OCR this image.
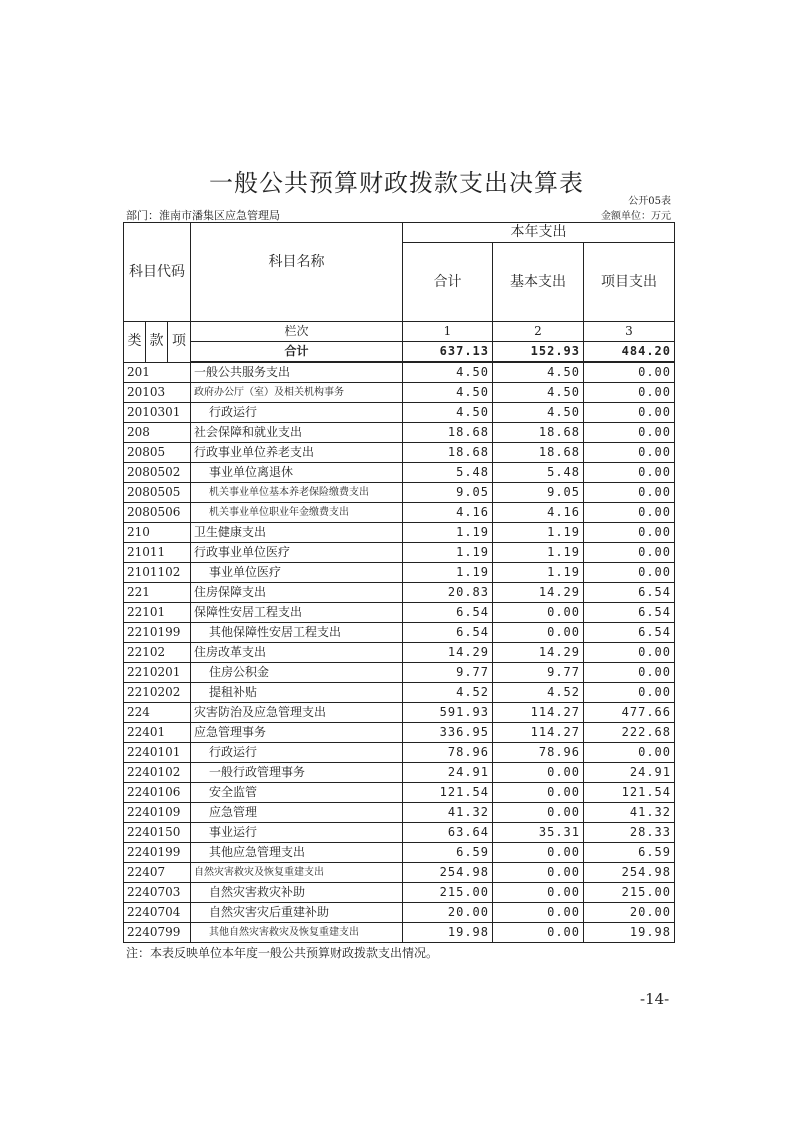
一般公共预算财政拨款支出决算表
公开05表
部门：淮南市潘集区应急管理局	金额单位：万元
科目代码			科目名称	本年支出		
				合计	基本支出	项目支出
类	款	项	栏次	1	2	3
			合计	637.13	152.93	484.20
201			一般公共服务支出	4.50	4.50	0.00
20103			政府办公厅（室）及相关机构事务	4.50	4.50	0.00
2010301			行政运行	4.50	4.50	0.00
208			社会保障和就业支出	18.68	18.68	0.00
20805			行政事业单位养老支出	18.68	18.68	0.00
2080502			事业单位离退休	5.48	5.48	0.00
2080505			机关事业单位基本养老保险缴费支出	9.05	9.05	0.00
2080506			机关事业单位职业年金缴费支出	4.16	4.16	0.00
210			卫生健康支出	1.19	1.19	0.00
21011			行政事业单位医疗	1.19	1.19	0.00
2101102			事业单位医疗	1.19	1.19	0.00
221			住房保障支出	20.83	14.29	6.54
22101			保障性安居工程支出	6.54	0.00	6.54
2210199			其他保障性安居工程支出	6.54	0.00	6.54
22102			住房改革支出	14.29	14.29	0.00
2210201			住房公积金	9.77	9.77	0.00
2210202			提租补贴	4.52	4.52	0.00
224			灾害防治及应急管理支出	591.93	114.27	477.66
22401			应急管理事务	336.95	114.27	222.68
2240101			行政运行	78.96	78.96	0.00
2240102			一般行政管理事务	24.91	0.00	24.91
2240106			安全监管	121.54	0.00	121.54
2240109			应急管理	41.32	0.00	41.32
2240150			事业运行	63.64	35.31	28.33
2240199			其他应急管理支出	6.59	0.00	6.59
22407			自然灾害救灾及恢复重建支出	254.98	0.00	254.98
2240703			自然灾害救灾补助	215.00	0.00	215.00
2240704			自然灾害灾后重建补助	20.00	0.00	20.00
2240799			其他自然灾害救灾及恢复重建支出	19.98	0.00	19.98
注：本表反映单位本年度一般公共预算财政拨款支出情况。
-14-
